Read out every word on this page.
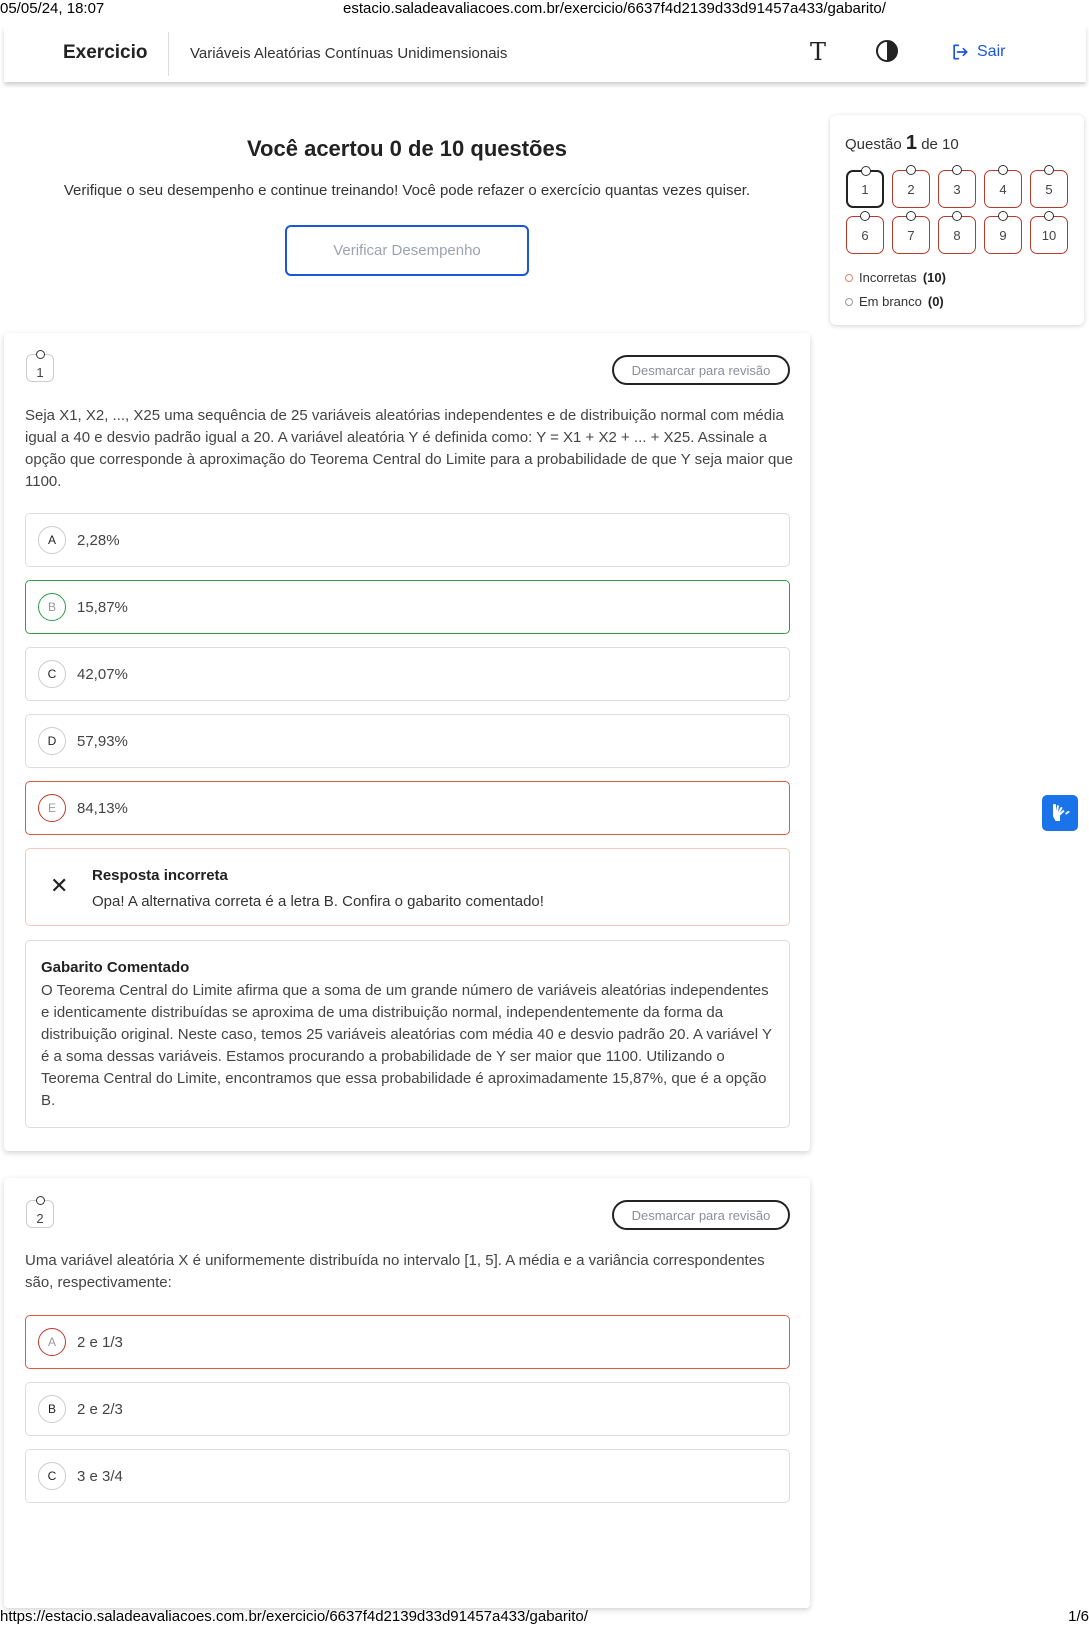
05/05/24, 18:07	estacio.saladeavaliacoes.com.br/exercicio/6637f4d2139d33d91457a433/gabarito/
Exercicio	Variáveis Aleatórias Contínuas Unidimensionais	T	Sair
Você acertou 0 de 10 questões
Verifique o seu desempenho e continue treinando! Você pode refazer o exercício quantas vezes quiser.
Verificar Desempenho
Questão 1 de 10
1	2	3	4	5
6	7	8	9	10
Incorretas (10)
Em branco (0)
1	Desmarcar para revisão
Seja X1, X2, ..., X25 uma sequência de 25 variáveis aleatórias independentes e de distribuição normal com média igual a 40 e desvio padrão igual a 20. A variável aleatória Y é definida como: Y = X1 + X2 + ... + X25. Assinale a opção que corresponde à aproximação do Teorema Central do Limite para a probabilidade de que Y seja maior que 1100.
A	2,28%
B	15,87%
C	42,07%
D	57,93%
E	84,13%
✕ Resposta incorreta
Opa! A alternativa correta é a letra B. Confira o gabarito comentado!
Gabarito Comentado
O Teorema Central do Limite afirma que a soma de um grande número de variáveis aleatórias independentes e identicamente distribuídas se aproxima de uma distribuição normal, independentemente da forma da distribuição original. Neste caso, temos 25 variáveis aleatórias com média 40 e desvio padrão 20. A variável Y é a soma dessas variáveis. Estamos procurando a probabilidade de Y ser maior que 1100. Utilizando o Teorema Central do Limite, encontramos que essa probabilidade é aproximadamente 15,87%, que é a opção B.
2	Desmarcar para revisão
Uma variável aleatória X é uniformemente distribuída no intervalo [1, 5]. A média e a variância correspondentes são, respectivamente:
A	2 e 1/3
B	2 e 2/3
C	3 e 3/4
https://estacio.saladeavaliacoes.com.br/exercicio/6637f4d2139d33d91457a433/gabarito/	1/6
